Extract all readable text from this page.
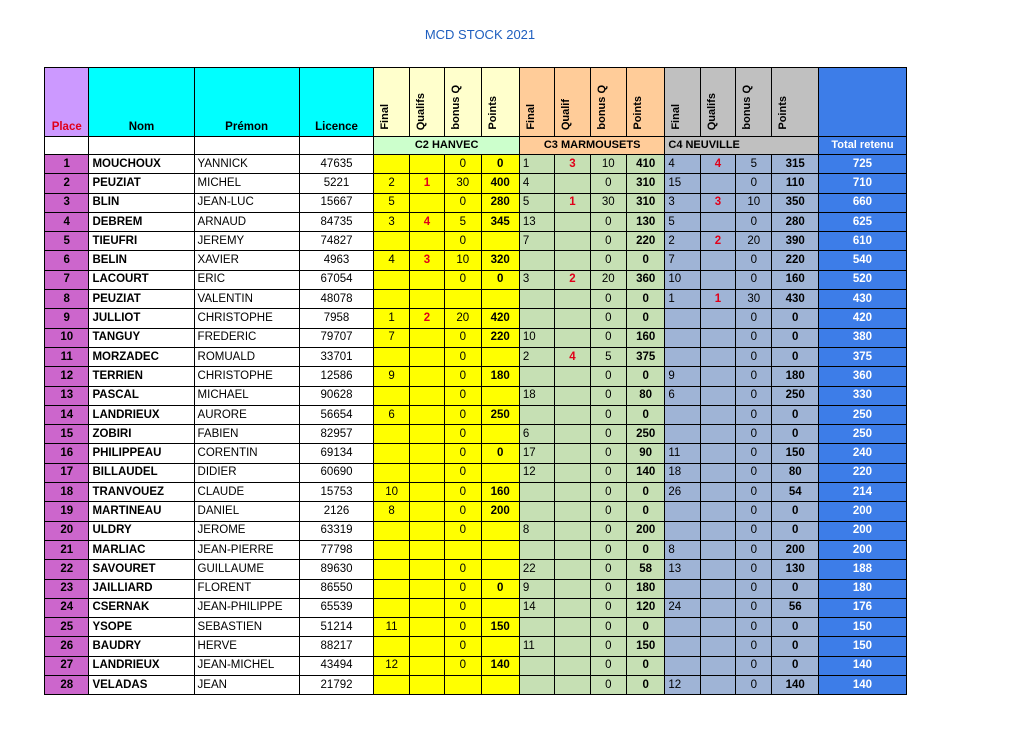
MCD STOCK 2021
Place	Nom	Prémon	Licence	Final	Qualifs	bonus Q	Points	Final	Qualif	bonus Q	Points	Final	Qualifs	bonus Q	Points	
				C2 HANVEC				C3 MARMOUSETS				C4 NEUVILLE				Total retenu
1	MOUCHOUX	YANNICK	47635			0	0	1	3	10	410	4	4	5	315	725
2	PEUZIAT	MICHEL	5221	2	1	30	400	4		0	310	15		0	110	710
3	BLIN	JEAN-LUC	15667	5		0	280	5	1	30	310	3	3	10	350	660
4	DEBREM	ARNAUD	84735	3	4	5	345	13		0	130	5		0	280	625
5	TIEUFRI	JEREMY	74827			0		7		0	220	2	2	20	390	610
6	BELIN	XAVIER	4963	4	3	10	320			0	0	7		0	220	540
7	LACOURT	ERIC	67054			0	0	3	2	20	360	10		0	160	520
8	PEUZIAT	VALENTIN	48078							0	0	1	1	30	430	430
9	JULLIOT	CHRISTOPHE	7958	1	2	20	420			0	0			0	0	420
10	TANGUY	FREDERIC	79707	7		0	220	10		0	160			0	0	380
11	MORZADEC	ROMUALD	33701			0		2	4	5	375			0	0	375
12	TERRIEN	CHRISTOPHE	12586	9		0	180			0	0	9		0	180	360
13	PASCAL	MICHAEL	90628			0		18		0	80	6		0	250	330
14	LANDRIEUX	AURORE	56654	6		0	250			0	0			0	0	250
15	ZOBIRI	FABIEN	82957			0		6		0	250			0	0	250
16	PHILIPPEAU	CORENTIN	69134			0	0	17		0	90	11		0	150	240
17	BILLAUDEL	DIDIER	60690			0		12		0	140	18		0	80	220
18	TRANVOUEZ	CLAUDE	15753	10		0	160			0	0	26		0	54	214
19	MARTINEAU	DANIEL	2126	8		0	200			0	0			0	0	200
20	ULDRY	JEROME	63319			0		8		0	200			0	0	200
21	MARLIAC	JEAN-PIERRE	77798							0	0	8		0	200	200
22	SAVOURET	GUILLAUME	89630			0		22		0	58	13		0	130	188
23	JAILLIARD	FLORENT	86550			0	0	9		0	180			0	0	180
24	CSERNAK	JEAN-PHILIPPE	65539			0		14		0	120	24		0	56	176
25	YSOPE	SEBASTIEN	51214	11		0	150			0	0			0	0	150
26	BAUDRY	HERVE	88217			0		11		0	150			0	0	150
27	LANDRIEUX	JEAN-MICHEL	43494	12		0	140			0	0			0	0	140
28	VELADAS	JEAN	21792							0	0	12		0	140	140
